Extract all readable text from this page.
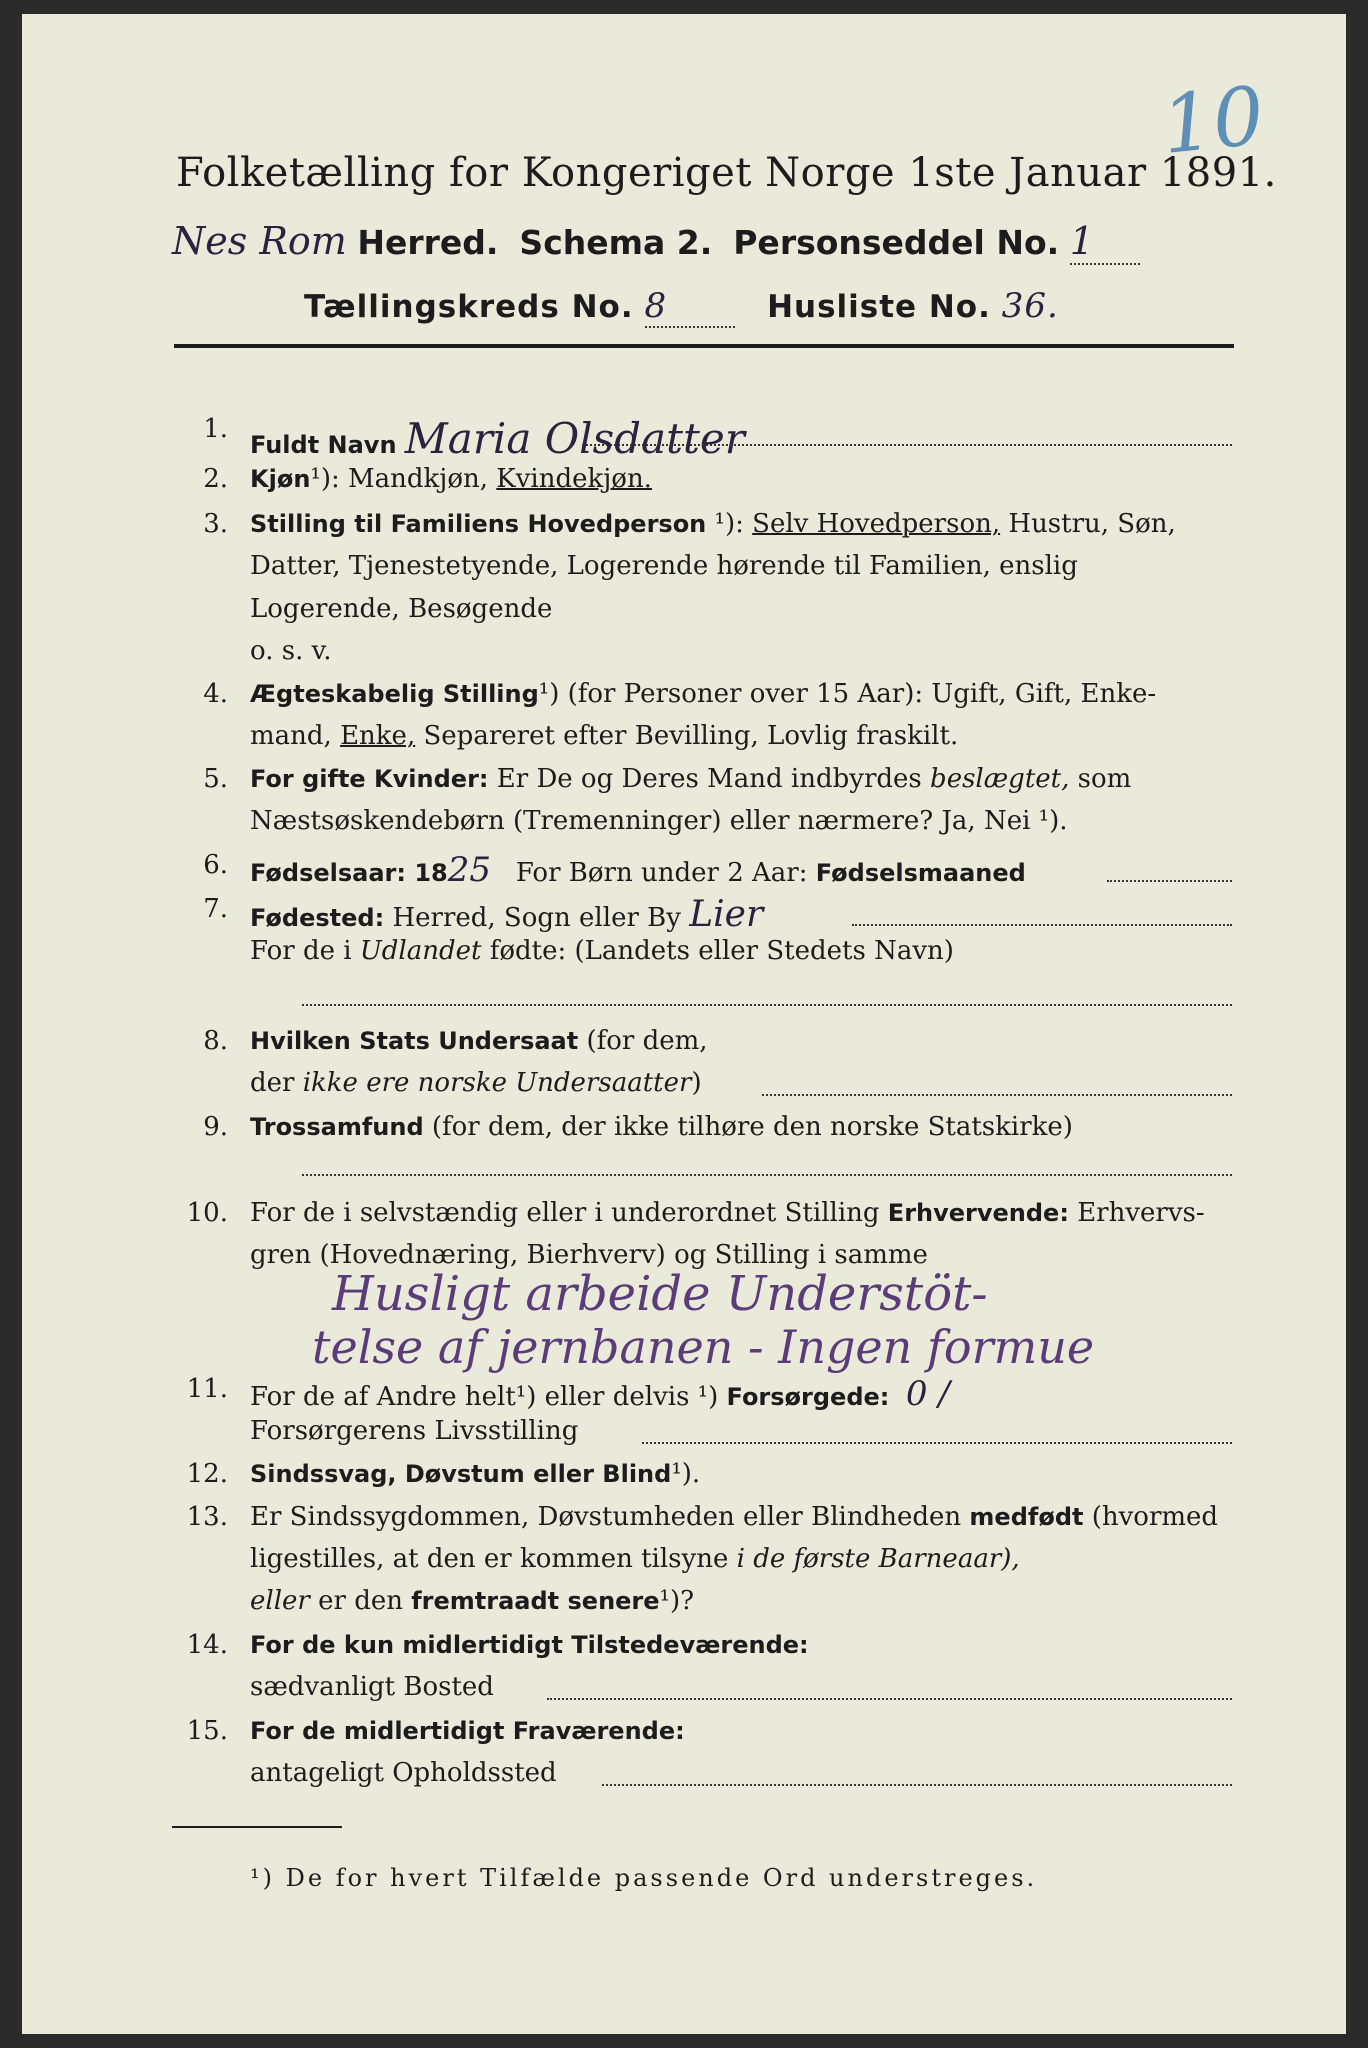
10
Folketælling for Kongeriget Norge 1ste Januar 1891.
Nes Rom Herred. Schema 2. Personseddel No. 1
Tællingskreds No. 8	Husliste No. 36.
1.
Fuldt Navn Maria Olsdatter
2. Kjøn¹): Mandkjøn, Kvindekjøn.
3. Stilling til Familiens Hovedperson ¹): Selv Hovedperson, Hustru, Søn,
Datter, Tjenestetyende, Logerende hørende til Familien, enslig
Logerende, Besøgende
o. s. v.
4. Ægteskabelig Stilling¹) (for Personer over 15 Aar): Ugift, Gift, Enke-
mand, Enke, Separeret efter Bevilling, Lovlig fraskilt.
5. For gifte Kvinder: Er De og Deres Mand indbyrdes beslægtet, som
Næstsøskendebørn (Tremenninger) eller nærmere? Ja, Nei ¹).
6. Fødselsaar: 1825 For Børn under 2 Aar: Fødselsmaaned
7. Fødested: Herred, Sogn eller By Lier
For de i Udlandet fødte: (Landets eller Stedets Navn)
8. Hvilken Stats Undersaat (for dem,
der ikke ere norske Undersaatter)
9. Trossamfund (for dem, der ikke tilhøre den norske Statskirke)
10. For de i selvstændig eller i underordnet Stilling Erhvervende: Erhvervs-
gren (Hovednæring, Bierhverv) og Stilling i samme
Husligt arbeide Understöt-
telse af jernbanen - Ingen formue
11. For de af Andre helt¹) eller delvis ¹) Forsørgede: 0 /
Forsørgerens Livsstilling
12. Sindssvag, Døvstum eller Blind¹).
13. Er Sindssygdommen, Døvstumheden eller Blindheden medfødt (hvormed
ligestilles, at den er kommen tilsyne i de første Barneaar),
eller er den fremtraadt senere¹)?
14. For de kun midlertidigt Tilstedeværende:
sædvanligt Bosted
15. For de midlertidigt Fraværende:
antageligt Opholdssted
¹) De for hvert Tilfælde passende Ord understreges.
